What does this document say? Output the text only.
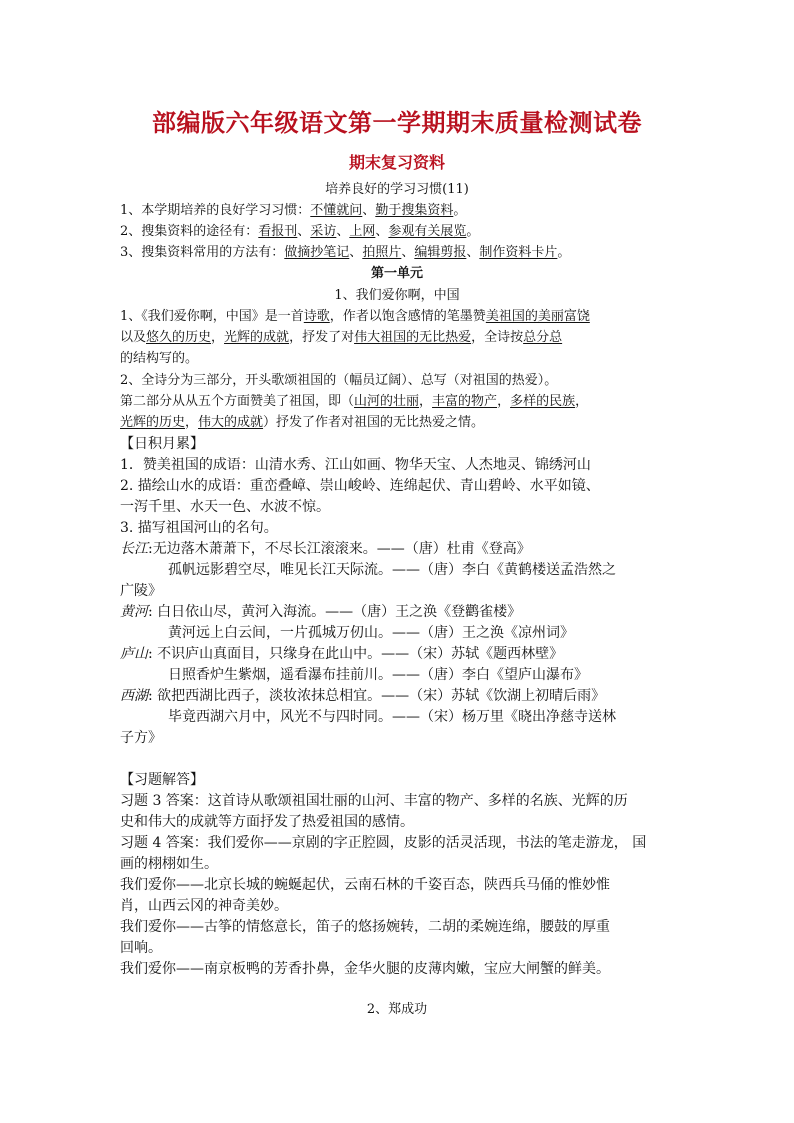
部编版六年级语文第一学期期末质量检测试卷
期末复习资料
培养良好的学习习惯(11)
1、本学期培养的良好学习习惯：不懂就问、勤于搜集资料。
2、搜集资料的途径有：看报刊、采访、上网、参观有关展览。
3、搜集资料常用的方法有：做摘抄笔记、拍照片、编辑剪报、制作资料卡片。
第一单元
1、我们爱你啊，中国
1、《我们爱你啊，中国》是一首诗歌，作者以饱含感情的笔墨赞美祖国的美丽富饶
以及悠久的历史，光辉的成就，抒发了对伟大祖国的无比热爱，全诗按总分总
的结构写的。
2、全诗分为三部分，开头歌颂祖国的（幅员辽阔）、总写（对祖国的热爱）。
第二部分从从五个方面赞美了祖国，即（山河的壮丽，丰富的物产，多样的民族，
光辉的历史，伟大的成就）抒发了作者对祖国的无比热爱之情。
【日积月累】
1．赞美祖国的成语：山清水秀、江山如画、物华天宝、人杰地灵、锦绣河山
2. 描绘山水的成语：重峦叠嶂、崇山峻岭、连绵起伏、青山碧岭、水平如镜、
一泻千里、水天一色、水波不惊。
3. 描写祖国河山的名句。
长江:无边落木萧萧下，不尽长江滚滚来。——（唐）杜甫《登高》
孤帆远影碧空尽，唯见长江天际流。——（唐）李白《黄鹤楼送孟浩然之
广陵》
黄河: 白日依山尽，黄河入海流。——（唐）王之涣《登鹳雀楼》
黄河远上白云间，一片孤城万仞山。——（唐）王之涣《凉州词》
庐山: 不识庐山真面目，只缘身在此山中。——（宋）苏轼《题西林壁》
日照香炉生紫烟，遥看瀑布挂前川。——（唐）李白《望庐山瀑布》
西湖: 欲把西湖比西子，淡妆浓抹总相宜。——（宋）苏轼《饮湖上初晴后雨》
毕竟西湖六月中，风光不与四时同。——（宋）杨万里《晓出净慈寺送林
子方》
【习题解答】
习题 3 答案：这首诗从歌颂祖国壮丽的山河、丰富的物产、多样的名族、光辉的历
史和伟大的成就等方面抒发了热爱祖国的感情。
习题 4 答案：我们爱你——京剧的字正腔圆，皮影的活灵活现，书法的笔走游龙， 国
画的栩栩如生。
我们爱你——北京长城的蜿蜒起伏，云南石林的千姿百态，陕西兵马俑的惟妙惟
肖，山西云冈的神奇美妙。
我们爱你——古筝的情悠意长，笛子的悠扬婉转，二胡的柔婉连绵，腰鼓的厚重
回响。
我们爱你——南京板鸭的芳香扑鼻，金华火腿的皮薄肉嫩，宝应大闸蟹的鲜美。
2、郑成功
